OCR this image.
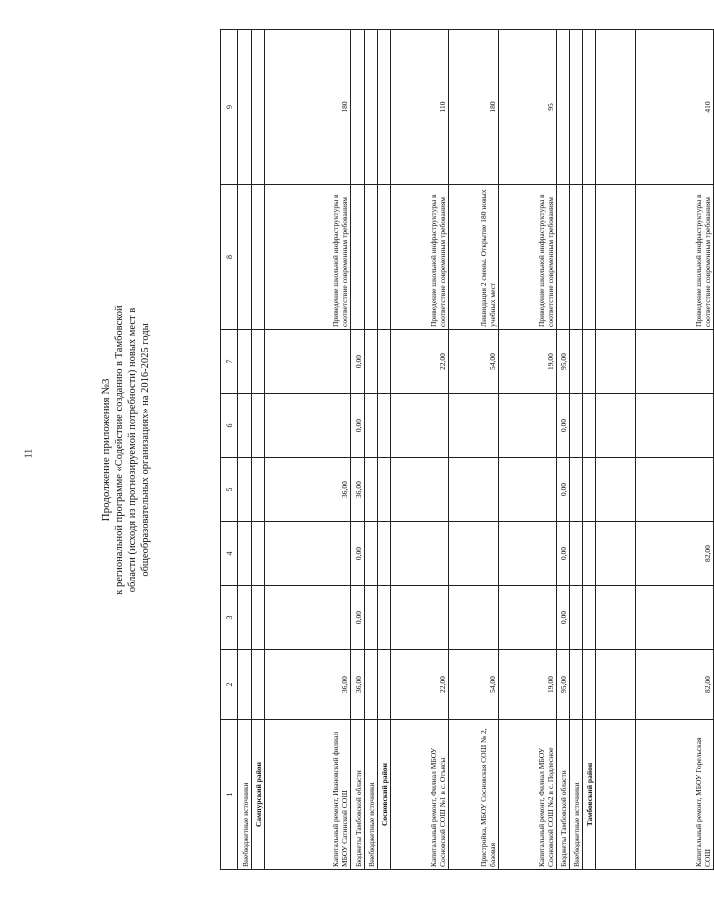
11	Продолжение приложения №3 к региональной программе «Содействие созданию в Тамбовской области (исходя из прогнозируемой потребности) новых мест в общеобразовательных организациях» на 2016-2025 годы
1	2	3	4	5	6	7	8	9
Внебюджетные источники								
Сампурский район								
Капитальный ремонт, Ивановский филиал МБОУ Сатинской СОШ	36,00			36,00			Приведение школьной инфраструктуры в соответствие современным требованиям	180
Бюджеты Тамбовской области	36,00	0,00	0,00	36,00	0,00	0,00		
Внебюджетные источники								
Сосновский район								
Капитальный ремонт, Филиал МБОУ Сосновской СОШ №1 в с. Отъясы	22,00					22,00	Приведение школьной инфраструктуры в соответствие современным требованиям	110
Пристройка, МБОУ Сосновская СОШ № 2, базовая	54,00					54,00	Ликвидация 2 смены. Открытие 180 новых учебных мест	180
Капитальный ремонт, Филиал МБОУ Сосновской СОШ №2 в с. Подлесное	19,00					19,00	Приведение школьной инфраструктуры в соответствие современным требованиям	95
Бюджеты Тамбовской области	95,00	0,00	0,00	0,00	0,00	95,00		
Внебюджетные источники								
Тамбовский район								

Капитальный ремонт, МБОУ Горельская СОШ	82,00		82,00				Приведение школьной инфраструктуры в соответствие современным требованиям	410
